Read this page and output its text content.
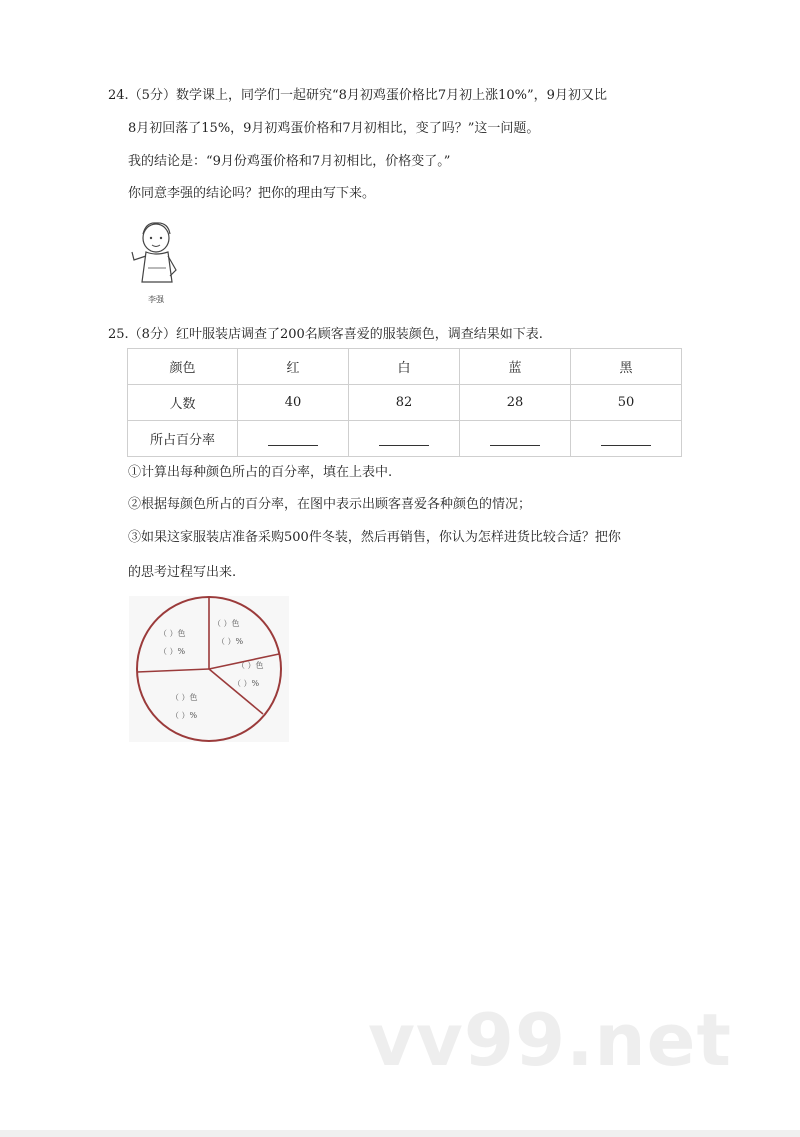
24.（5分）数学课上，同学们一起研究“8月初鸡蛋价格比7月初上涨10%”，9月初又比
8月初回落了15%，9月初鸡蛋价格和7月初相比，变了吗？”这一问题。
我的结论是：“9月份鸡蛋价格和7月初相比，价格变了。”
你同意李强的结论吗？把你的理由写下来。
李强
25.（8分）红叶服装店调查了200名顾客喜爱的服装颜色，调查结果如下表.
颜色	红	白	蓝	黑
人数	40	82	28	50
所占百分率				
①计算出每种颜色所占的百分率，填在上表中.
②根据每颜色所占的百分率，在图中表示出顾客喜爱各种颜色的情况；
③如果这家服装店准备采购500件冬装，然后再销售，你认为怎样进货比较合适？把你
的思考过程写出来.
（ ）色
（ ）%
（ ）色
（ ）%
（ ）色
（ ）%
（ ）色
（ ）%
vv99.net
